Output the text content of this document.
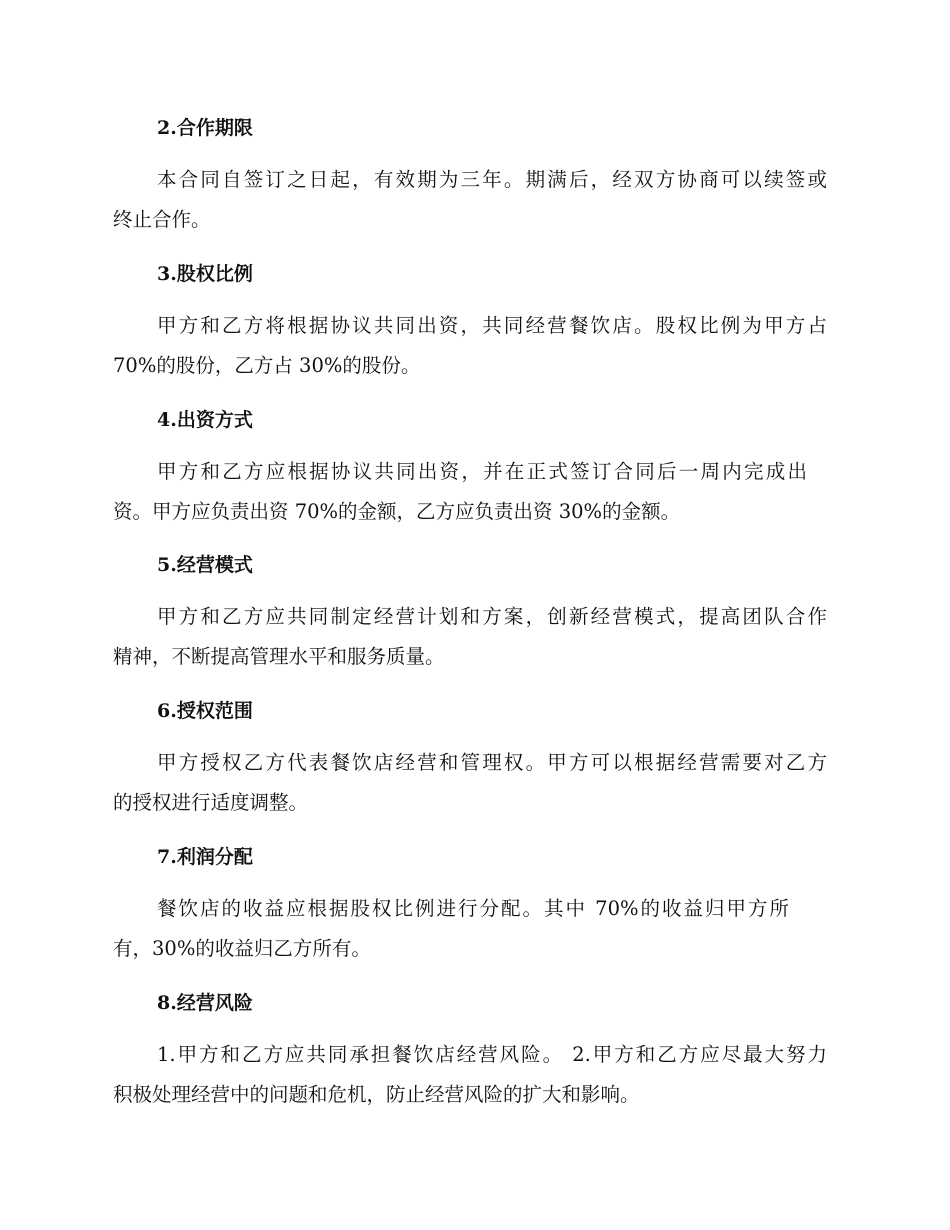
2.合作期限
本合同自签订之日起，有效期为三年。期满后，经双方协商可以续签或
终止合作。
3.股权比例
甲方和乙方将根据协议共同出资，共同经营餐饮店。股权比例为甲方占
70%的股份，乙方占 30%的股份。
4.出资方式
甲方和乙方应根据协议共同出资，并在正式签订合同后一周内完成出
资。甲方应负责出资 70%的金额，乙方应负责出资 30%的金额。
5.经营模式
甲方和乙方应共同制定经营计划和方案，创新经营模式，提高团队合作
精神，不断提高管理水平和服务质量。
6.授权范围
甲方授权乙方代表餐饮店经营和管理权。甲方可以根据经营需要对乙方
的授权进行适度调整。
7.利润分配
餐饮店的收益应根据股权比例进行分配。其中 70%的收益归甲方所
有，30%的收益归乙方所有。
8.经营风险
1.甲方和乙方应共同承担餐饮店经营风险。 2.甲方和乙方应尽最大努力
积极处理经营中的问题和危机，防止经营风险的扩大和影响。
